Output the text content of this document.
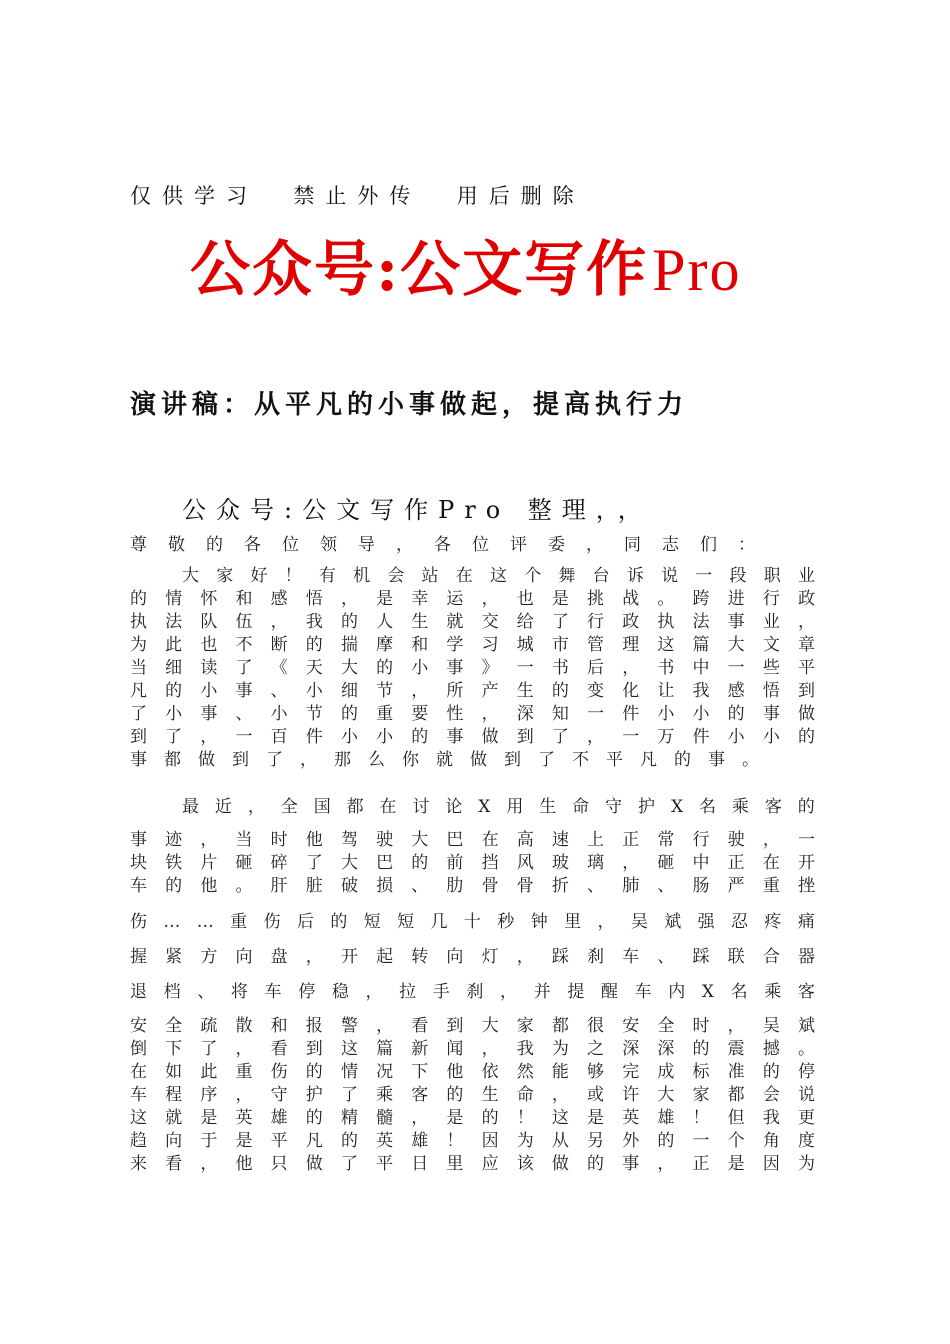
仅供学习  禁止外传  用后删除
公众号:公文写作Pro
演讲稿：从平凡的小事做起，提高执行力
公众号:公文写作Pro 整理，，
尊敬的各位领导，各位评委，同志们：
大 家 好 ！ 有 机 会 站 在 这 个 舞 台 诉 说 一 段 职 业
的 情 怀 和 感 悟 ， 是 幸 运 ， 也 是 挑 战 。 跨 进 行 政
执 法 队 伍 ， 我 的 人 生 就 交 给 了 行 政 执 法 事 业 ，
为 此 也 不 断 的 揣 摩 和 学 习 城 市 管 理 这 篇 大 文 章
当 细 读 了 《 天 大 的 小 事 》 一 书 后 ， 书 中 一 些 平
凡 的 小 事 、 小 细 节 ， 所 产 生 的 变 化 让 我 感 悟 到
了 小 事 、 小 节 的 重 要 性 ， 深 知 一 件 小 小 的 事 做
到 了 ， 一 百 件 小 小 的 事 做 到 了 ， 一 万 件 小 小 的
事都做到了，那么你就做到了不平凡的事。
最 近 ， 全 国 都 在 讨 论 X 用 生 命 守 护 X 名 乘 客 的
事 迹 ， 当 时 他 驾 驶 大 巴 在 高 速 上 正 常 行 驶 ， 一
块 铁 片 砸 碎 了 大 巴 的 前 挡 风 玻 璃 ， 砸 中 正 在 开
车 的 他 。 肝 脏 破 损 、 肋 骨 骨 折 、 肺 、 肠 严 重 挫
伤 … … 重 伤 后 的 短 短 几 十 秒 钟 里 ， 吴 斌 强 忍 疼 痛
握 紧 方 向 盘 ， 开 起 转 向 灯 ， 踩 刹 车 、 踩 联 合 器
退 档 、 将 车 停 稳 ， 拉 手 刹 ， 并 提 醒 车 内 X 名 乘 客
安 全 疏 散 和 报 警 ， 看 到 大 家 都 很 安 全 时 ， 吴 斌
倒 下 了 ， 看 到 这 篇 新 闻 ， 我 为 之 深 深 的 震 撼 。
在 如 此 重 伤 的 情 况 下 他 依 然 能 够 完 成 标 准 的 停
车 程 序 ， 守 护 了 乘 客 的 生 命 ， 或 许 大 家 都 会 说
这 就 是 英 雄 的 精 髓 ， 是 的 ！ 这 是 英 雄 ！ 但 我 更
趋 向 于 是 平 凡 的 英 雄 ！ 因 为 从 另 外 的 一 个 角 度
来 看 ， 他 只 做 了 平 日 里 应 该 做 的 事 ， 正 是 因 为
